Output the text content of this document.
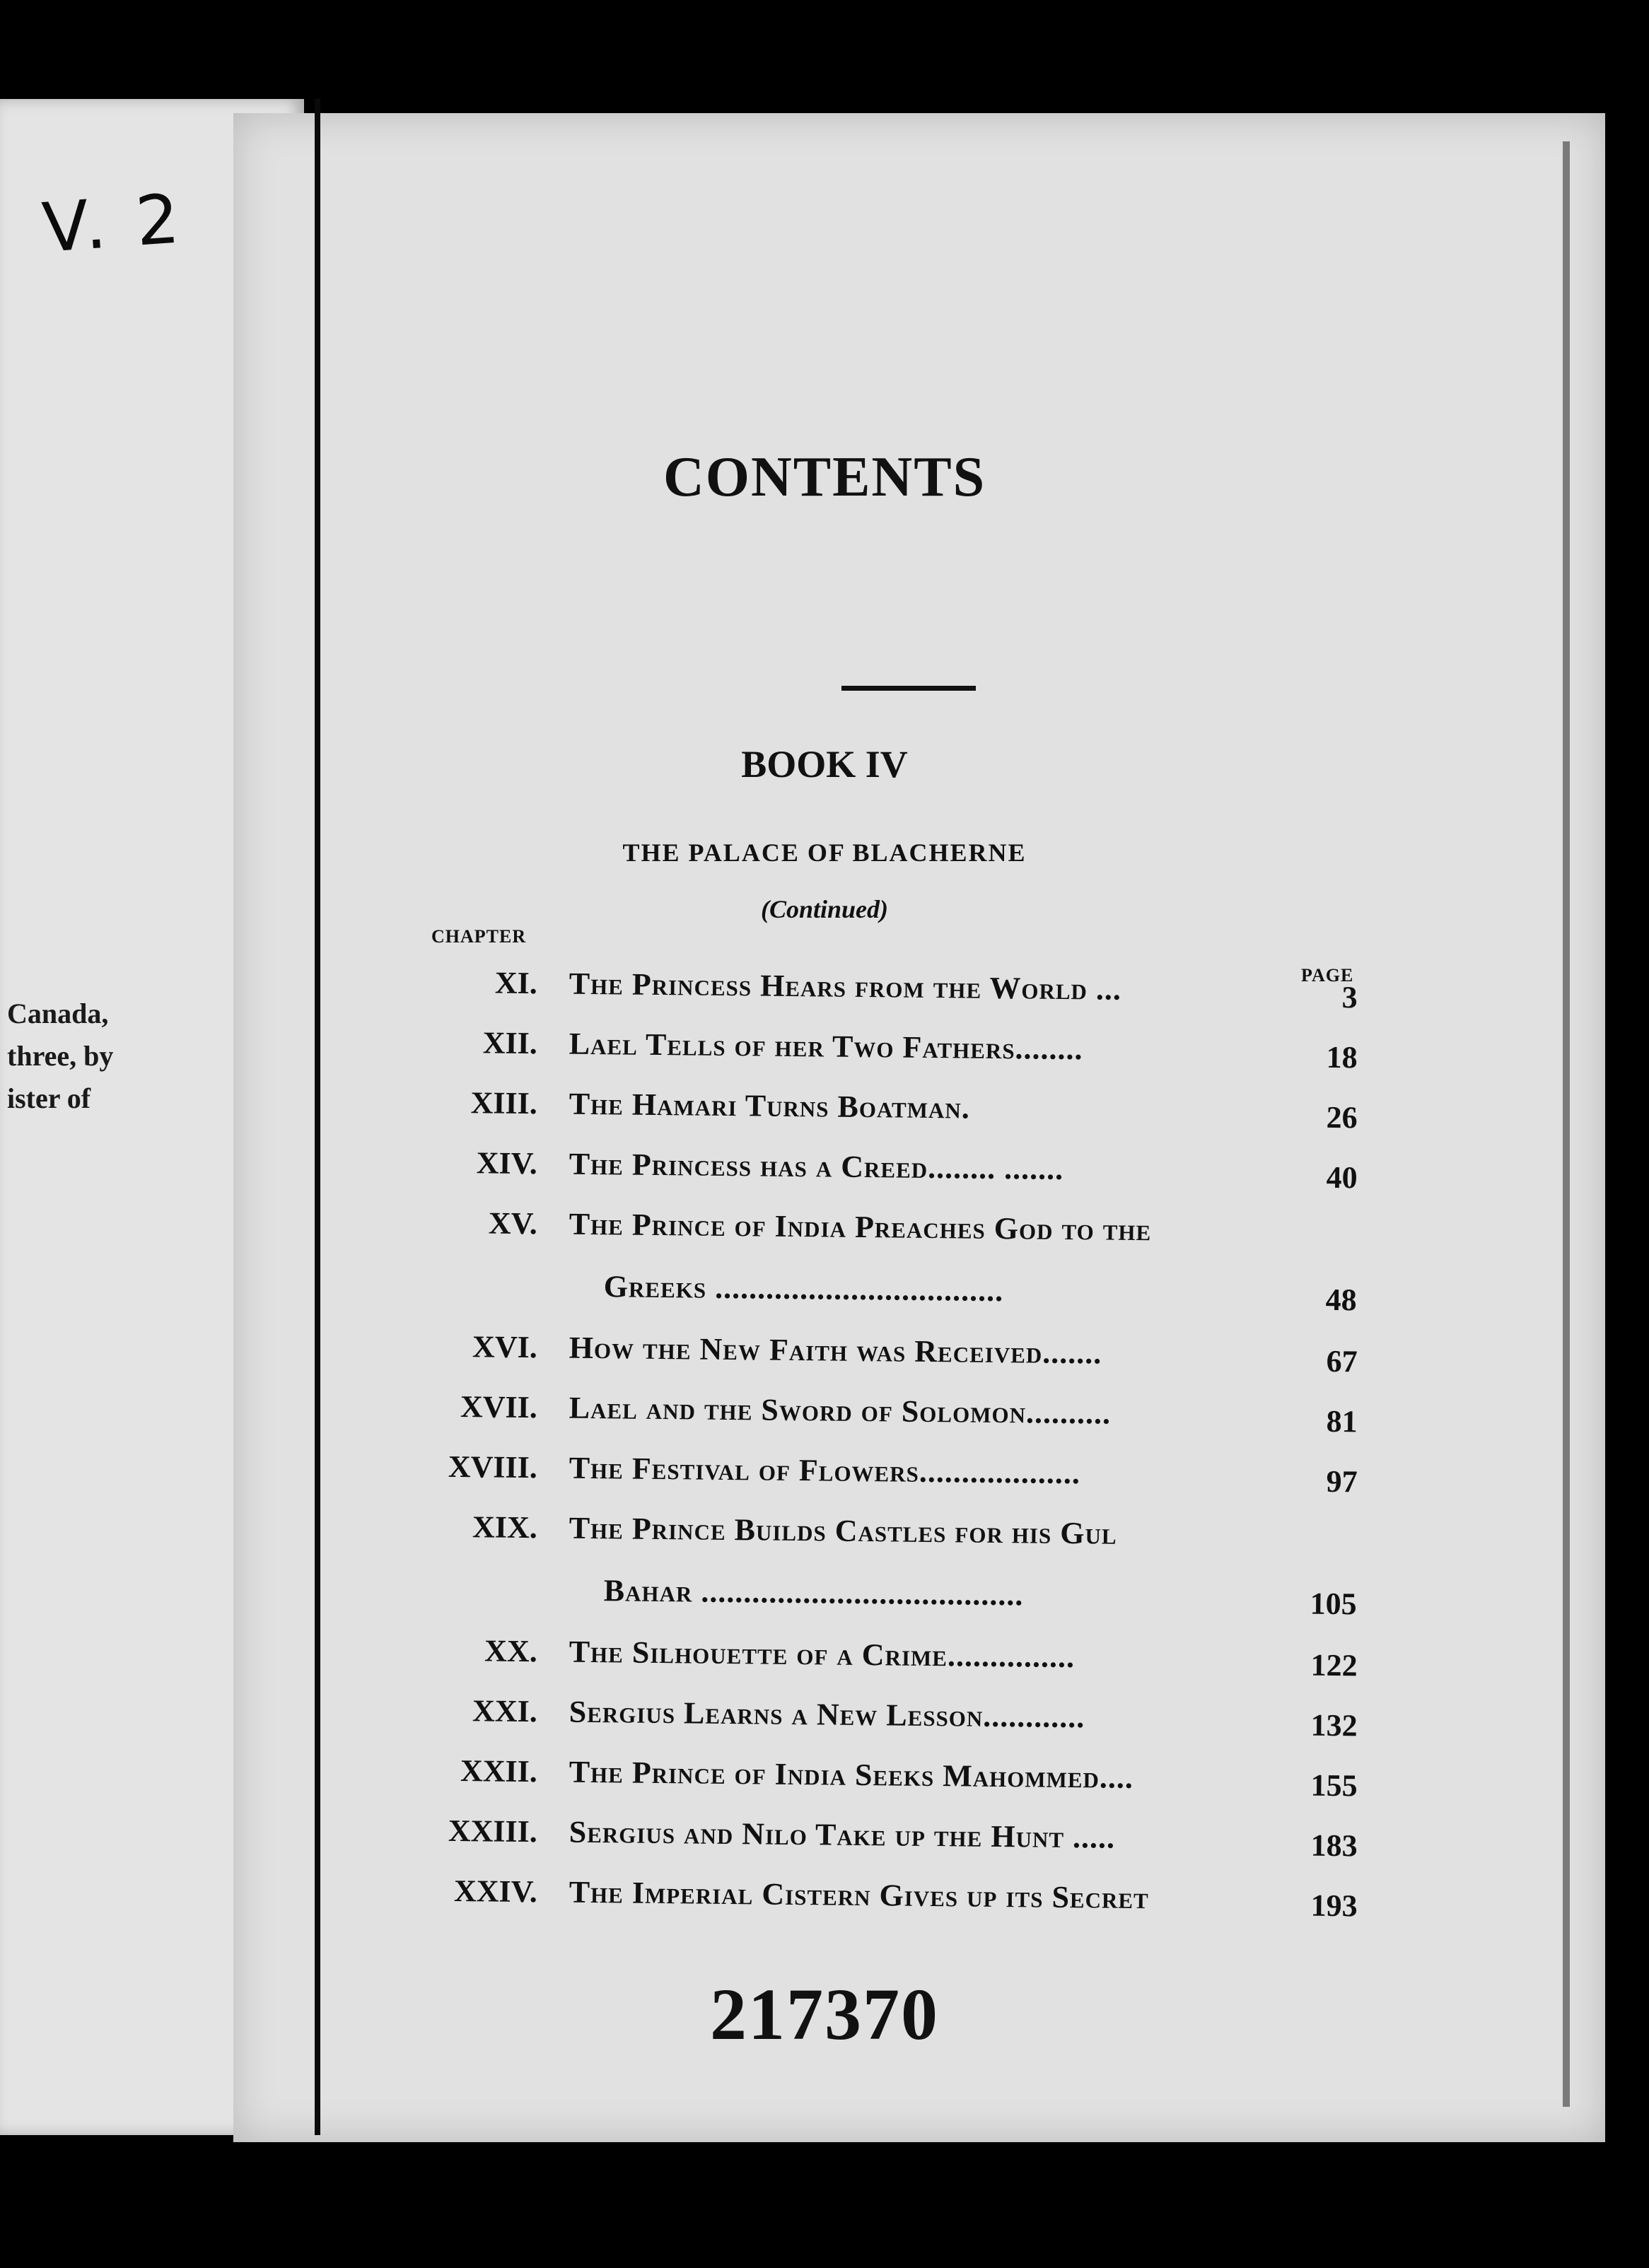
V. 2
Canada,
three, by
ister of
CONTENTS
BOOK IV
THE PALACE OF BLACHERNE
(Continued)
CHAPTER
PAGE
XI. The Princess Hears from the World ...	3
XII. Lael Tells of her Two Fathers........	18
XIII. The Hamari Turns Boatman.	26
XIV. The Princess has a Creed........ .......	40
XV. The Prince of India Preaches God to the
Greeks ..................................	48
XVI. How the New Faith was Received.......	67
XVII. Lael and the Sword of Solomon..........	81
XVIII. The Festival of Flowers...................	97
XIX. The Prince Builds Castles for his Gul
Bahar ......................................	105
XX. The Silhouette of a Crime...............	122
XXI. Sergius Learns a New Lesson............	132
XXII. The Prince of India Seeks Mahommed....	155
XXIII. Sergius and Nilo Take up the Hunt .....	183
XXIV. The Imperial Cistern Gives up its Secret	193
217370
